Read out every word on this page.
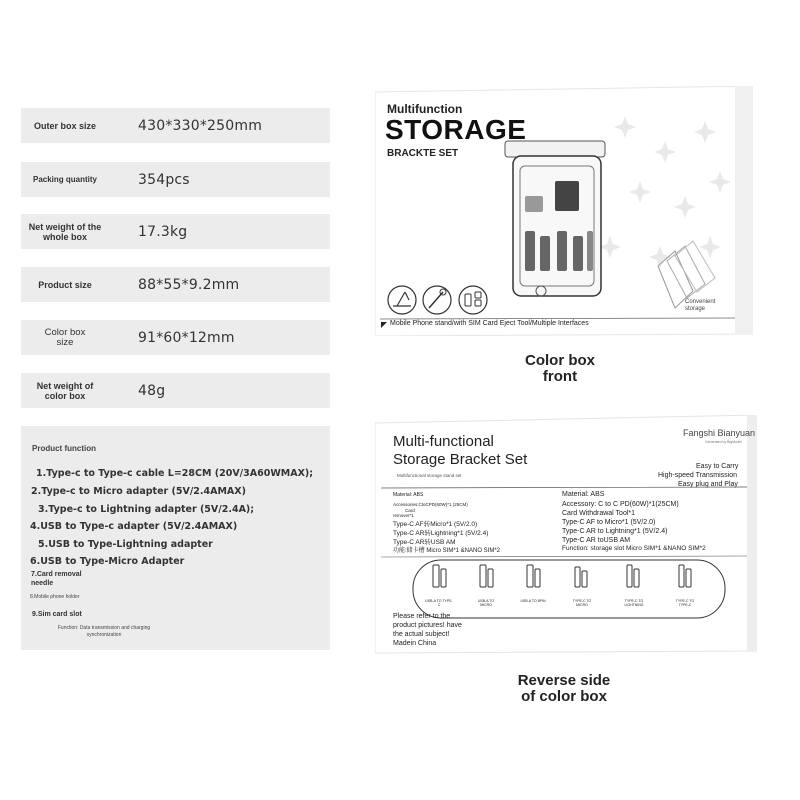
Outer box size	430*330*250mm
Packing quantity	354pcs
Net weight of the whole box	17.3kg
Product size	88*55*9.2mm
Color box size	91*60*12mm
Net weight of color box	48g
Product function
1.Type-c to Type-c cable L=28CM (20V/3A60WMAX);
2.Type-c to Micro adapter (5V/2.4AMAX)
3.Type-c to Lightning adapter (5V/2.4A);
4.USB to Type-c adapter (5V/2.4AMAX)
5.USB to Type-Lightning adapter
6.USB to Type-Micro Adapter
7.Card removal needle
8.Mobile phone holder
9.Sim card slot
Function: Data transmission and charging synchronization
Multifunction
STORAGE
BRACKTE SET
Convenient storage
Mobile Phone stand/with SIM Card Eject Tool/Multiple Interfaces
Color box
front
Fangshi Bianyuan
Generated by BigModel
Multi-functional
Storage Bracket Set
Multifunctional storage stand set
Easy to Carry
High-speed Transmission
Easy plug and Play
Material: ABS
Accessories:CtoCPD(60W)*1 (25CM)
Card
remover*1
Type-C AF转Micro*1 (5V/2.0)
Type-C AR转Lightning*1 (5V/2.4)
Type-C AR转USB AM
功能:储卡槽 Micro SIM*1 &NANO SIM*2
Material: ABS
Accessory: C to C PD(60W)*1(25CM)
Card Withdrawal Tool*1
Type-C AF to Micro*1 (5V/2.0)
Type-C AR to Lightning*1 (5V/2.4)
Type-C AR toUSB AM
Function: storage slot Micro SIM*1 &NANO SIM*2
USB-A TO TYPE-C
USB-A TO MICRO
USB-A TO 8PIN	TYPE-C TO MICRO
TYPE-C TO LIGHTNING
TYPE-C TO TYPE-C
Please refer to the
product pictures! have
the actual subject!
Madein China
Reverse side
of color box
